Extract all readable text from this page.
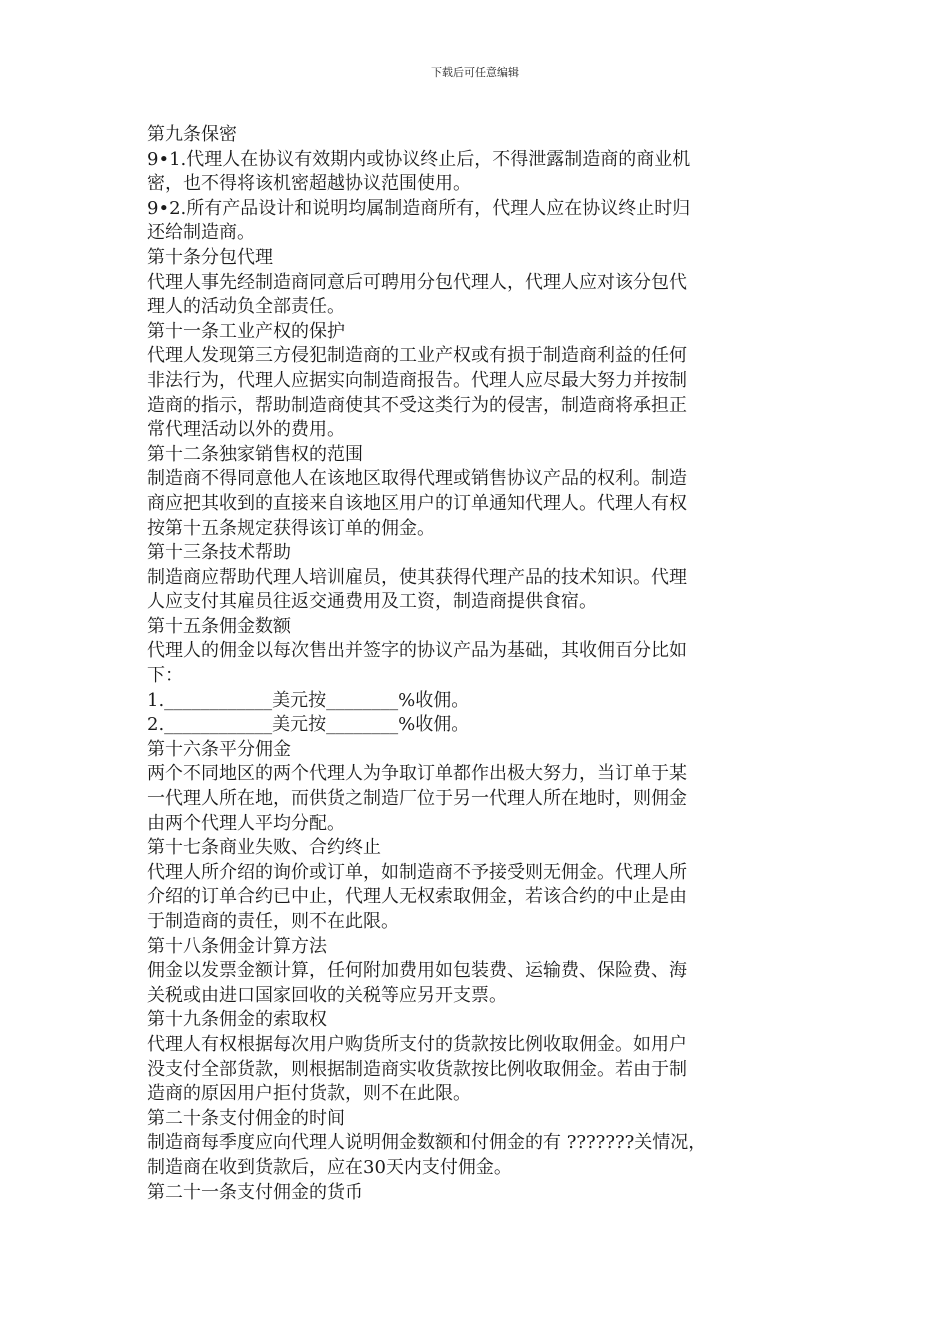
下载后可任意编辑
第九条保密
9•1.代理人在协议有效期内或协议终止后，不得泄露制造商的商业机
密，也不得将该机密超越协议范围使用。
9•2.所有产品设计和说明均属制造商所有，代理人应在协议终止时归
还给制造商。
第十条分包代理
代理人事先经制造商同意后可聘用分包代理人，代理人应对该分包代
理人的活动负全部责任。
第十一条工业产权的保护
代理人发现第三方侵犯制造商的工业产权或有损于制造商利益的任何
非法行为，代理人应据实向制造商报告。代理人应尽最大努力并按制
造商的指示，帮助制造商使其不受这类行为的侵害，制造商将承担正
常代理活动以外的费用。
第十二条独家销售权的范围
制造商不得同意他人在该地区取得代理或销售协议产品的权利。制造
商应把其收到的直接来自该地区用户的订单通知代理人。代理人有权
按第十五条规定获得该订单的佣金。
第十三条技术帮助
制造商应帮助代理人培训雇员，使其获得代理产品的技术知识。代理
人应支付其雇员往返交通费用及工资，制造商提供食宿。
第十五条佣金数额
代理人的佣金以每次售出并签字的协议产品为基础，其收佣百分比如
下：
1.____________美元按________%收佣。
2.____________美元按________%收佣。
第十六条平分佣金
两个不同地区的两个代理人为争取订单都作出极大努力，当订单于某
一代理人所在地，而供货之制造厂位于另一代理人所在地时，则佣金
由两个代理人平均分配。
第十七条商业失败、合约终止
代理人所介绍的询价或订单，如制造商不予接受则无佣金。代理人所
介绍的订单合约已中止，代理人无权索取佣金，若该合约的中止是由
于制造商的责任，则不在此限。
第十八条佣金计算方法
佣金以发票金额计算，任何附加费用如包装费、运输费、保险费、海
关税或由进口国家回收的关税等应另开支票。
第十九条佣金的索取权
代理人有权根据每次用户购货所支付的货款按比例收取佣金。如用户
没支付全部货款，则根据制造商实收货款按比例收取佣金。若由于制
造商的原因用户拒付货款，则不在此限。
第二十条支付佣金的时间
制造商每季度应向代理人说明佣金数额和付佣金的有 ???????关情况，
制造商在收到货款后，应在30天内支付佣金。
第二十一条支付佣金的货币
